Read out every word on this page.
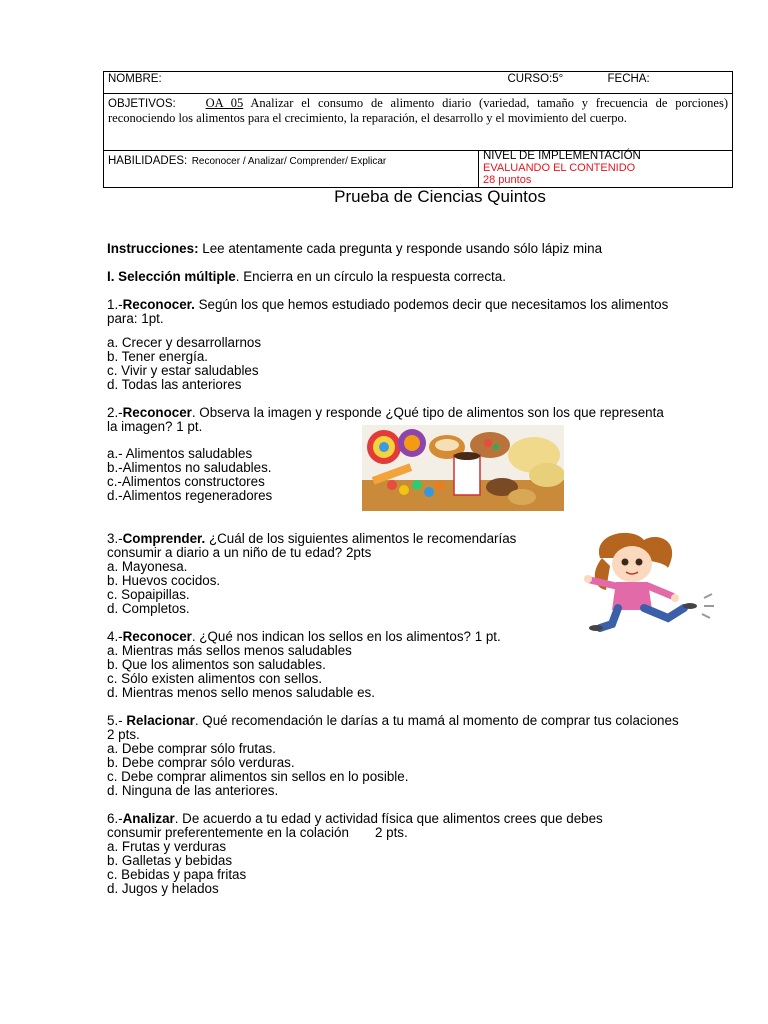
NOMBRE:	CURSO:5°	FECHA:

OBJETIVOS: OA 05 Analizar el consumo de alimento diario (variedad, tamaño y frecuencia de porciones) reconociendo los alimentos para el crecimiento, la reparación, el desarrollo y el movimiento del cuerpo.
HABILIDADES: Reconocer / Analizar/ Comprender/ Explicar	NIVEL DE IMPLEMENTACIÓN
EVALUANDO EL CONTENIDO
28 puntos
Prueba de Ciencias Quintos
Instrucciones: Lee atentamente cada pregunta y responde usando sólo lápiz mina
I. Selección múltiple. Encierra en un círculo la respuesta correcta.
1.-Reconocer. Según los que hemos estudiado podemos decir que necesitamos los alimentos para: 1pt.
a. Crecer y desarrollarnos
b. Tener energía.
c. Vivir y estar saludables
d. Todas las anteriores
2.-Reconocer. Observa la imagen y responde ¿Qué tipo de alimentos son los que representa la imagen? 1 pt.
a.- Alimentos saludables
b.-Alimentos no saludables.
c.-Alimentos constructores
d.-Alimentos regeneradores
3.-Comprender. ¿Cuál de los siguientes alimentos le recomendarías consumir a diario a un niño de tu edad? 2pts
a. Mayonesa.
b. Huevos cocidos.
c. Sopaipillas.
d. Completos.
4.-Reconocer. ¿Qué nos indican los sellos en los alimentos? 1 pt.
a. Mientras más sellos menos saludables
b. Que los alimentos son saludables.
c. Sólo existen alimentos con sellos.
d. Mientras menos sello menos saludable es.
5.- Relacionar. Qué recomendación le darías a tu mamá al momento de comprar tus colaciones 2 pts.
a. Debe comprar sólo frutas.
b. Debe comprar sólo verduras.
c. Debe comprar alimentos sin sellos en lo posible.
d. Ninguna de las anteriores.
6.-Analizar. De acuerdo a tu edad y actividad física que alimentos crees que debes
consumir preferentemente en la colación       2 pts.
a. Frutas y verduras
b. Galletas y bebidas
c. Bebidas y papa fritas
d. Jugos y helados
